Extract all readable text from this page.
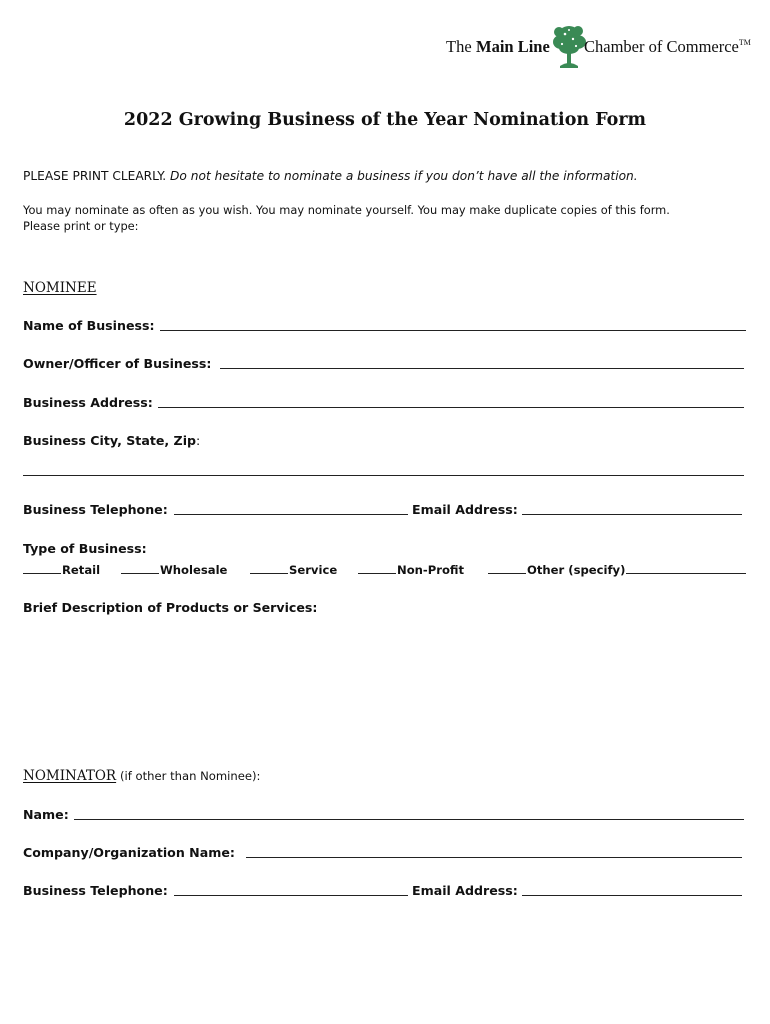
The Main Line Chamber of Commerce™
2022 Growing Business of the Year Nomination Form
PLEASE PRINT CLEARLY. Do not hesitate to nominate a business if you don’t have all the information.
You may nominate as often as you wish. You may nominate yourself. You may make duplicate copies of this form.
Please print or type:
NOMINEE
Name of Business:
Owner/Officer of Business:
Business Address:
Business City, State, Zip:
Business Telephone:	Email Address:
Type of Business:
Retail	Wholesale	Service	Non-Profit	Other (specify)
Brief Description of Products or Services:
NOMINATOR (if other than Nominee):
Name:
Company/Organization Name:
Business Telephone:	Email Address:
